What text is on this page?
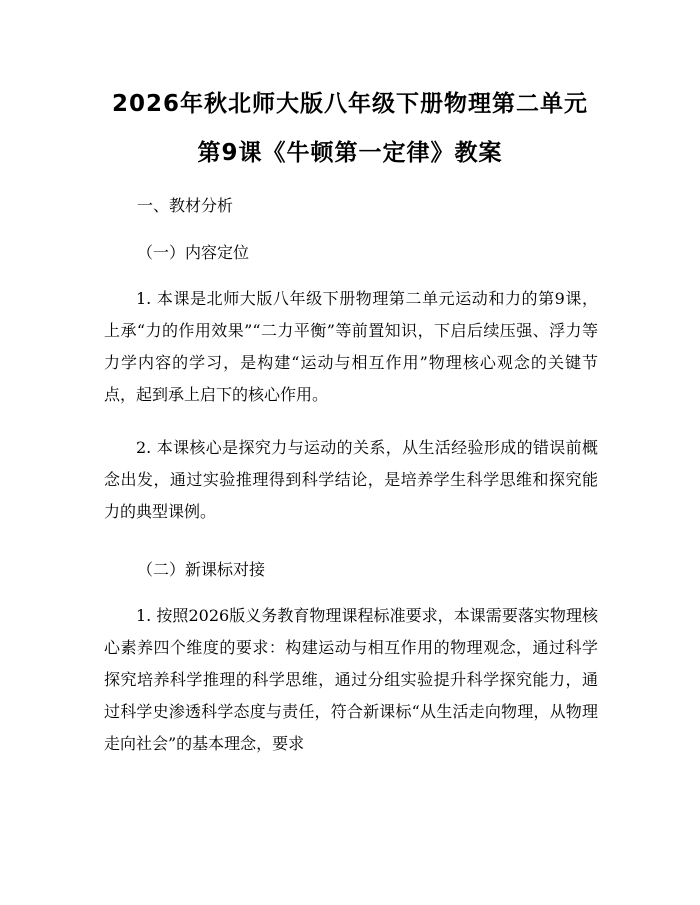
2026年秋北师大版八年级下册物理第二单元
第9课《牛顿第一定律》教案
一、教材分析
（一）内容定位

1. 本课是北师大版八年级下册物理第二单元运动和力的第9课，上承“力的作用效果”“二力平衡”等前置知识，下启后续压强、浮力等力学内容的学习，是构建“运动与相互作用”物理核心观念的关键节点，起到承上启下的核心作用。

2. 本课核心是探究力与运动的关系，从生活经验形成的错误前概念出发，通过实验推理得到科学结论，是培养学生科学思维和探究能力的典型课例。

（二）新课标对接

1. 按照2026版义务教育物理课程标准要求，本课需要落实物理核心素养四个维度的要求：构建运动与相互作用的物理观念，通过科学探究培养科学推理的科学思维，通过分组实验提升科学探究能力，通过科学史渗透科学态度与责任，符合新课标“从生活走向物理，从物理走向社会”的基本理念，要求
